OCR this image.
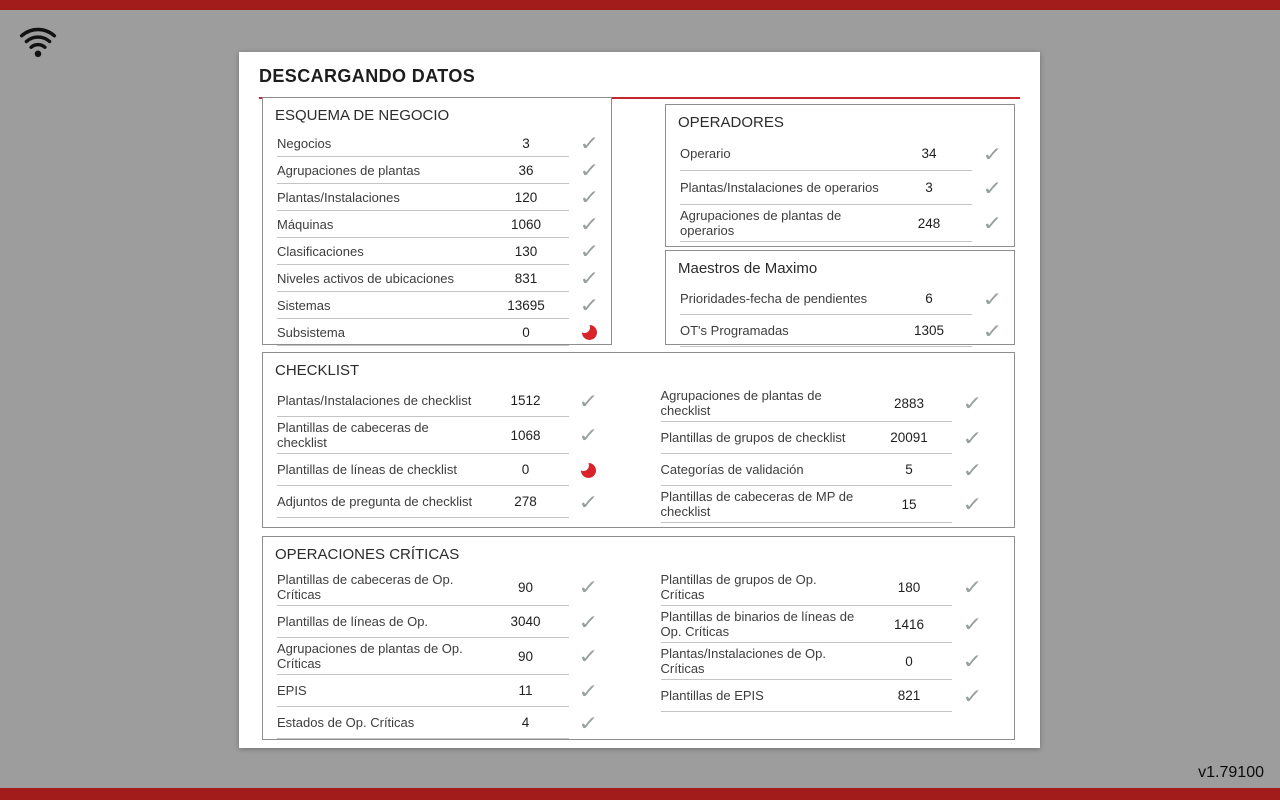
DESCARGANDO DATOS
ESQUEMA DE NEGOCIO
Negocios	3
✓
Agrupaciones de plantas	36
✓
Plantas/Instalaciones	120
✓
Máquinas	1060
✓
Clasificaciones	130
✓
Niveles activos de ubicaciones	831
✓
Sistemas	13695
✓
Subsistema	0
OPERADORES
Operario	34
✓
Plantas/Instalaciones de operarios	3
✓
Agrupaciones de plantas de operarios	248
✓
Maestros de Maximo
Prioridades-fecha de pendientes	6
✓
OT's Programadas	1305
✓
CHECKLIST
Plantas/Instalaciones de checklist	1512
✓
Plantillas de cabeceras de checklist	1068
✓
Plantillas de líneas de checklist	0
Adjuntos de pregunta de checklist	278
✓
Agrupaciones de plantas de checklist	2883
✓
Plantillas de grupos de checklist	20091
✓
Categorías de validación	5
✓
Plantillas de cabeceras de MP de checklist	15
✓
OPERACIONES CRÍTICAS
Plantillas de cabeceras de Op. Críticas	90
✓
Plantillas de líneas de Op.	3040
✓
Agrupaciones de plantas de Op. Críticas	90
✓
EPIS	11
✓
Estados de Op. Críticas	4
✓
Plantillas de grupos de Op. Críticas	180
✓
Plantillas de binarios de líneas de Op. Críticas	1416
✓
Plantas/Instalaciones de Op. Críticas	0
✓
Plantillas de EPIS	821
✓
v1.79100
